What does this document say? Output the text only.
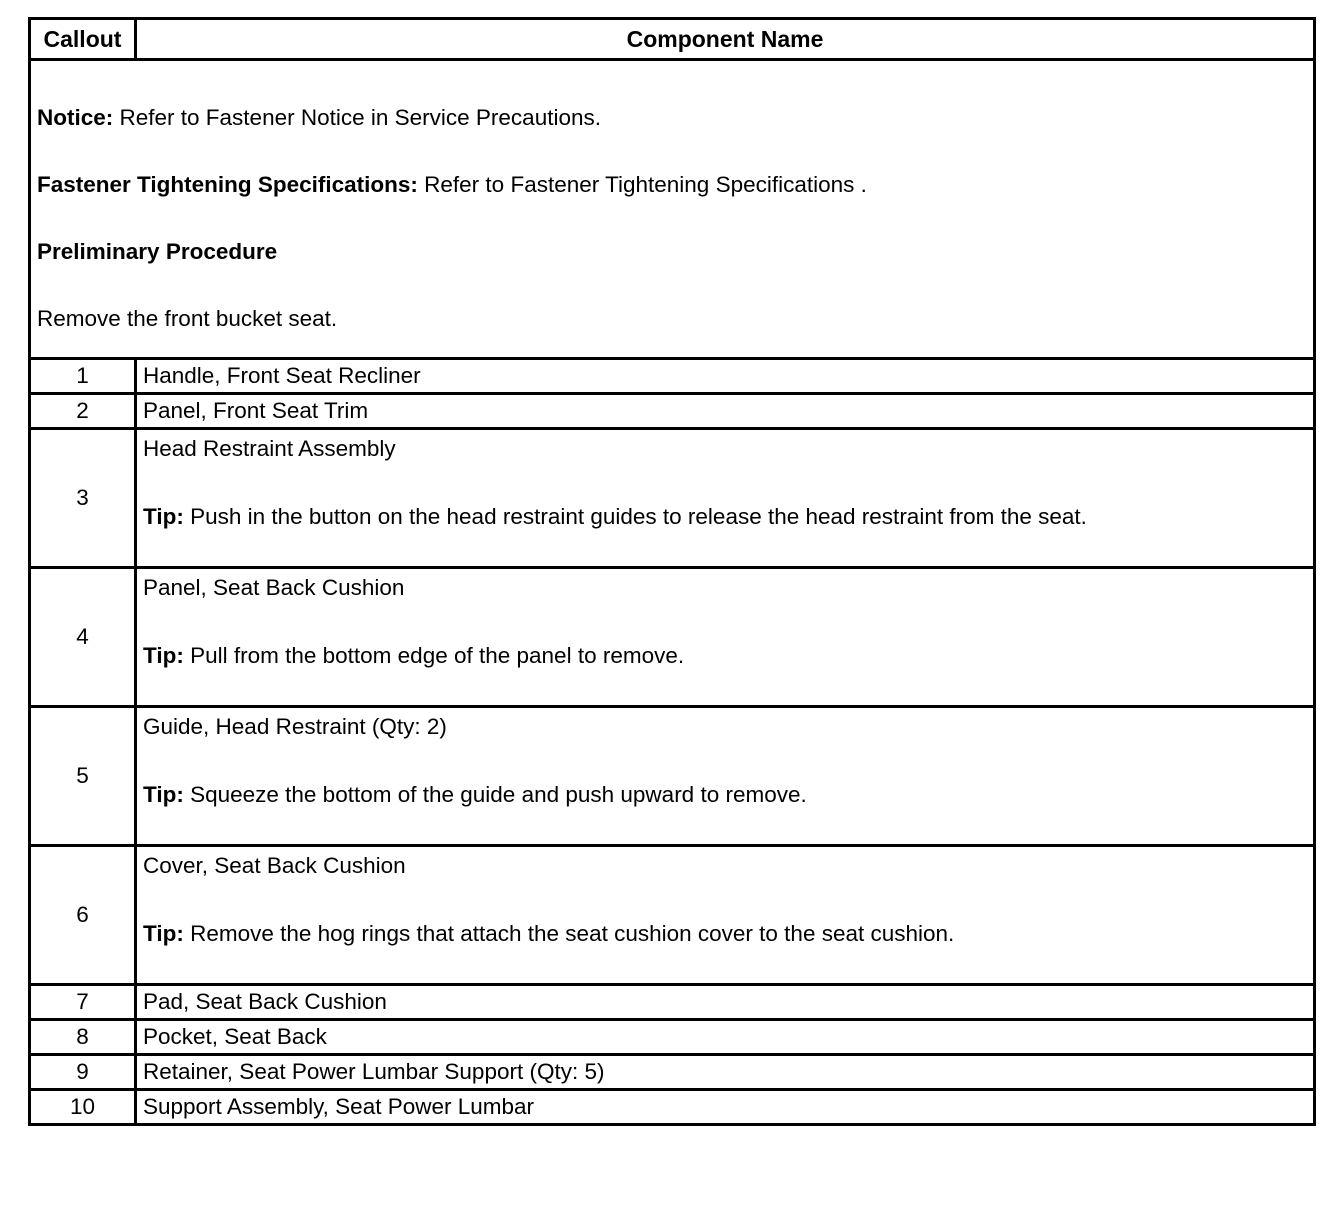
Callout	Component Name

Notice: Refer to Fastener Notice in Service Precautions.

Fastener Tightening Specifications: Refer to Fastener Tightening Specifications .

Preliminary Procedure

Remove the front bucket seat.	

1	Handle, Front Seat Recliner
2	Panel, Front Seat Trim
3	Head Restraint Assembly
Tip: Push in the button on the head restraint guides to release the head restraint from the seat.

4	Panel, Seat Back Cushion
Tip: Pull from the bottom edge of the panel to remove.

5	Guide, Head Restraint (Qty: 2)
Tip: Squeeze the bottom of the guide and push upward to remove.

6	Cover, Seat Back Cushion
Tip: Remove the hog rings that attach the seat cushion cover to the seat cushion.

7	Pad, Seat Back Cushion
8	Pocket, Seat Back
9	Retainer, Seat Power Lumbar Support (Qty: 5)
10	Support Assembly, Seat Power Lumbar
